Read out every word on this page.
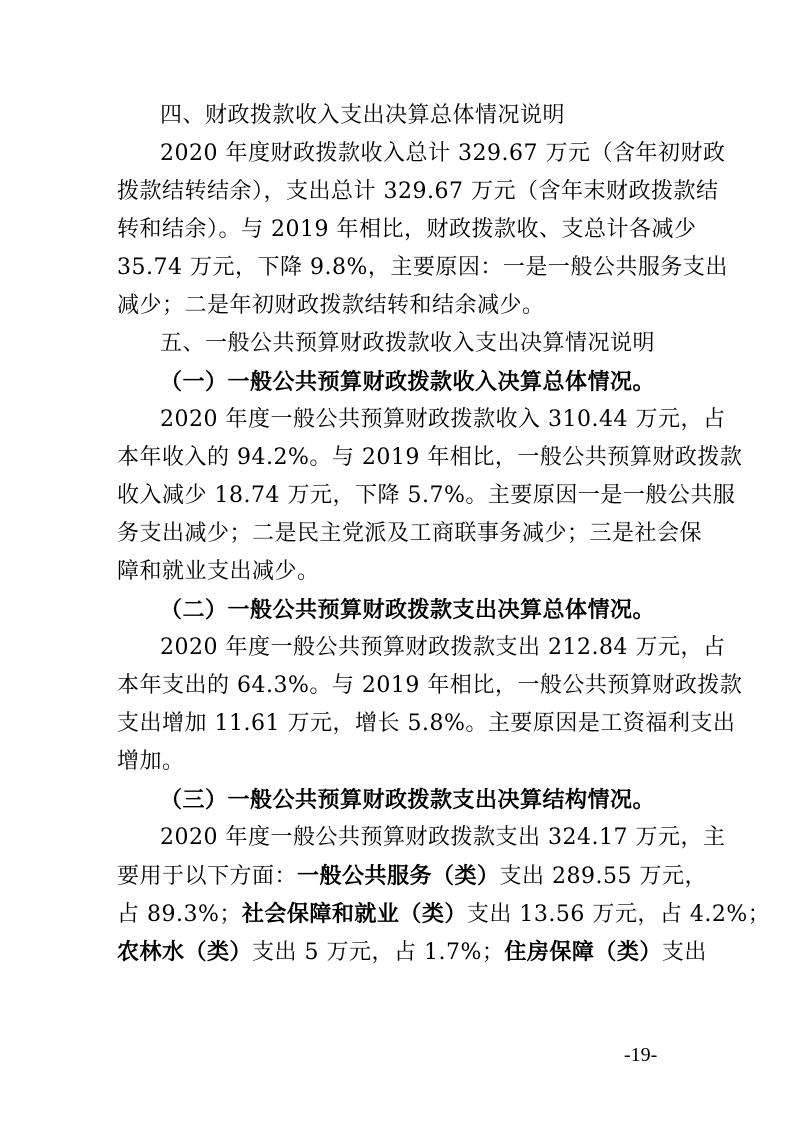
四、财政拨款收入支出决算总体情况说明
2020 年度财政拨款收入总计 329.67 万元（含年初财政
拨款结转结余），支出总计 329.67 万元（含年末财政拨款结
转和结余）。与 2019 年相比，财政拨款收、支总计各减少
35.74 万元，下降 9.8%，主要原因：一是一般公共服务支出
减少；二是年初财政拨款结转和结余减少。
五、一般公共预算财政拨款收入支出决算情况说明
（一）一般公共预算财政拨款收入决算总体情况。
2020 年度一般公共预算财政拨款收入 310.44 万元，占
本年收入的 94.2%。与 2019 年相比，一般公共预算财政拨款
收入减少 18.74 万元，下降 5.7%。主要原因一是一般公共服
务支出减少；二是民主党派及工商联事务减少；三是社会保
障和就业支出减少。
（二）一般公共预算财政拨款支出决算总体情况。
2020 年度一般公共预算财政拨款支出 212.84 万元，占
本年支出的 64.3%。与 2019 年相比，一般公共预算财政拨款
支出增加 11.61 万元，增长 5.8%。主要原因是工资福利支出
增加。
（三）一般公共预算财政拨款支出决算结构情况。
2020 年度一般公共预算财政拨款支出 324.17 万元，主
要用于以下方面：一般公共服务（类）支出 289.55 万元，
占 89.3%；社会保障和就业（类）支出 13.56 万元，占 4.2%；
农林水（类）支出 5 万元，占 1.7%；住房保障（类）支出
-19-
